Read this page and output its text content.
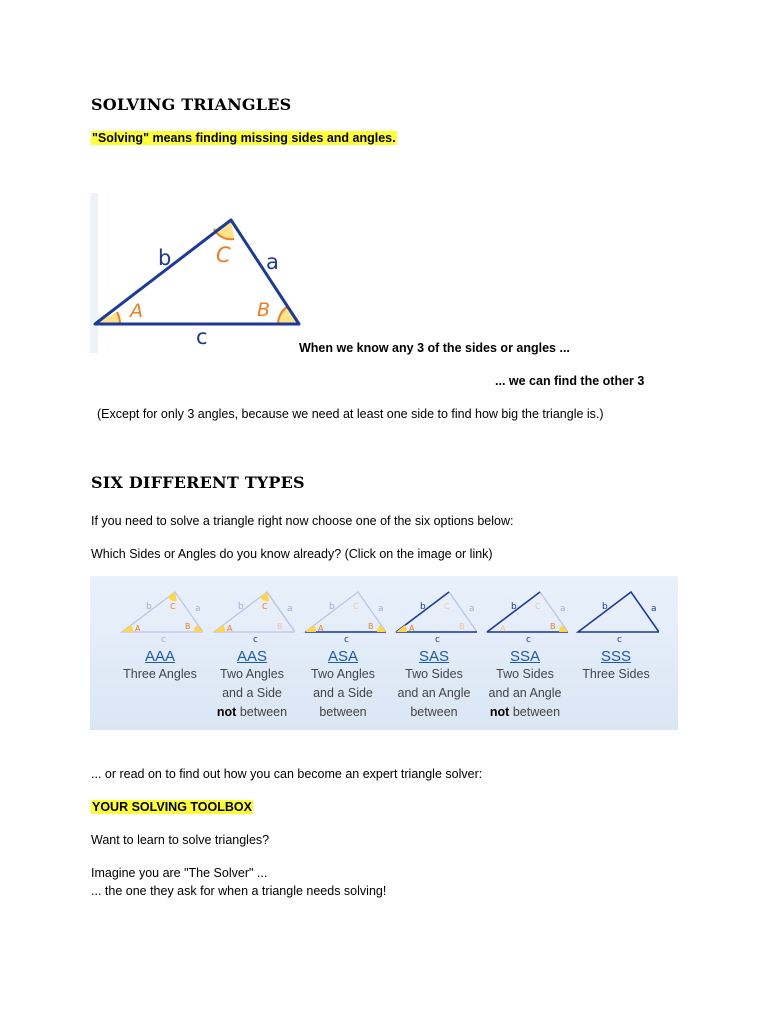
SOLVING TRIANGLES
"Solving" means finding missing sides and angles.
b	a
c
A	B
C
When we know any 3 of the sides or angles ...
... we can find the other 3
(Except for only 3 angles, because we need at least one side to find how big the triangle is.)
SIX DIFFERENT TYPES
If you need to solve a triangle right now choose one of the six options below:
Which Sides or Angles do you know already? (Click on the image or link)
b	a
c
A	B
C
AAA
Three Angles
b	a
c
A	B
C
AAS
Two Angles
and a Side
not between
b	a
c
A	B
C
ASA
Two Angles
and a Side
between
b	a
c
A	B
C
SAS
Two Sides
and an Angle
between
b	a
c
A	B
C
SSA
Two Sides
and an Angle
not between
b	a
c
SSS
Three Sides
... or read on to find out how you can become an expert triangle solver:
YOUR SOLVING TOOLBOX
Want to learn to solve triangles?
Imagine you are "The Solver" ...
... the one they ask for when a triangle needs solving!
